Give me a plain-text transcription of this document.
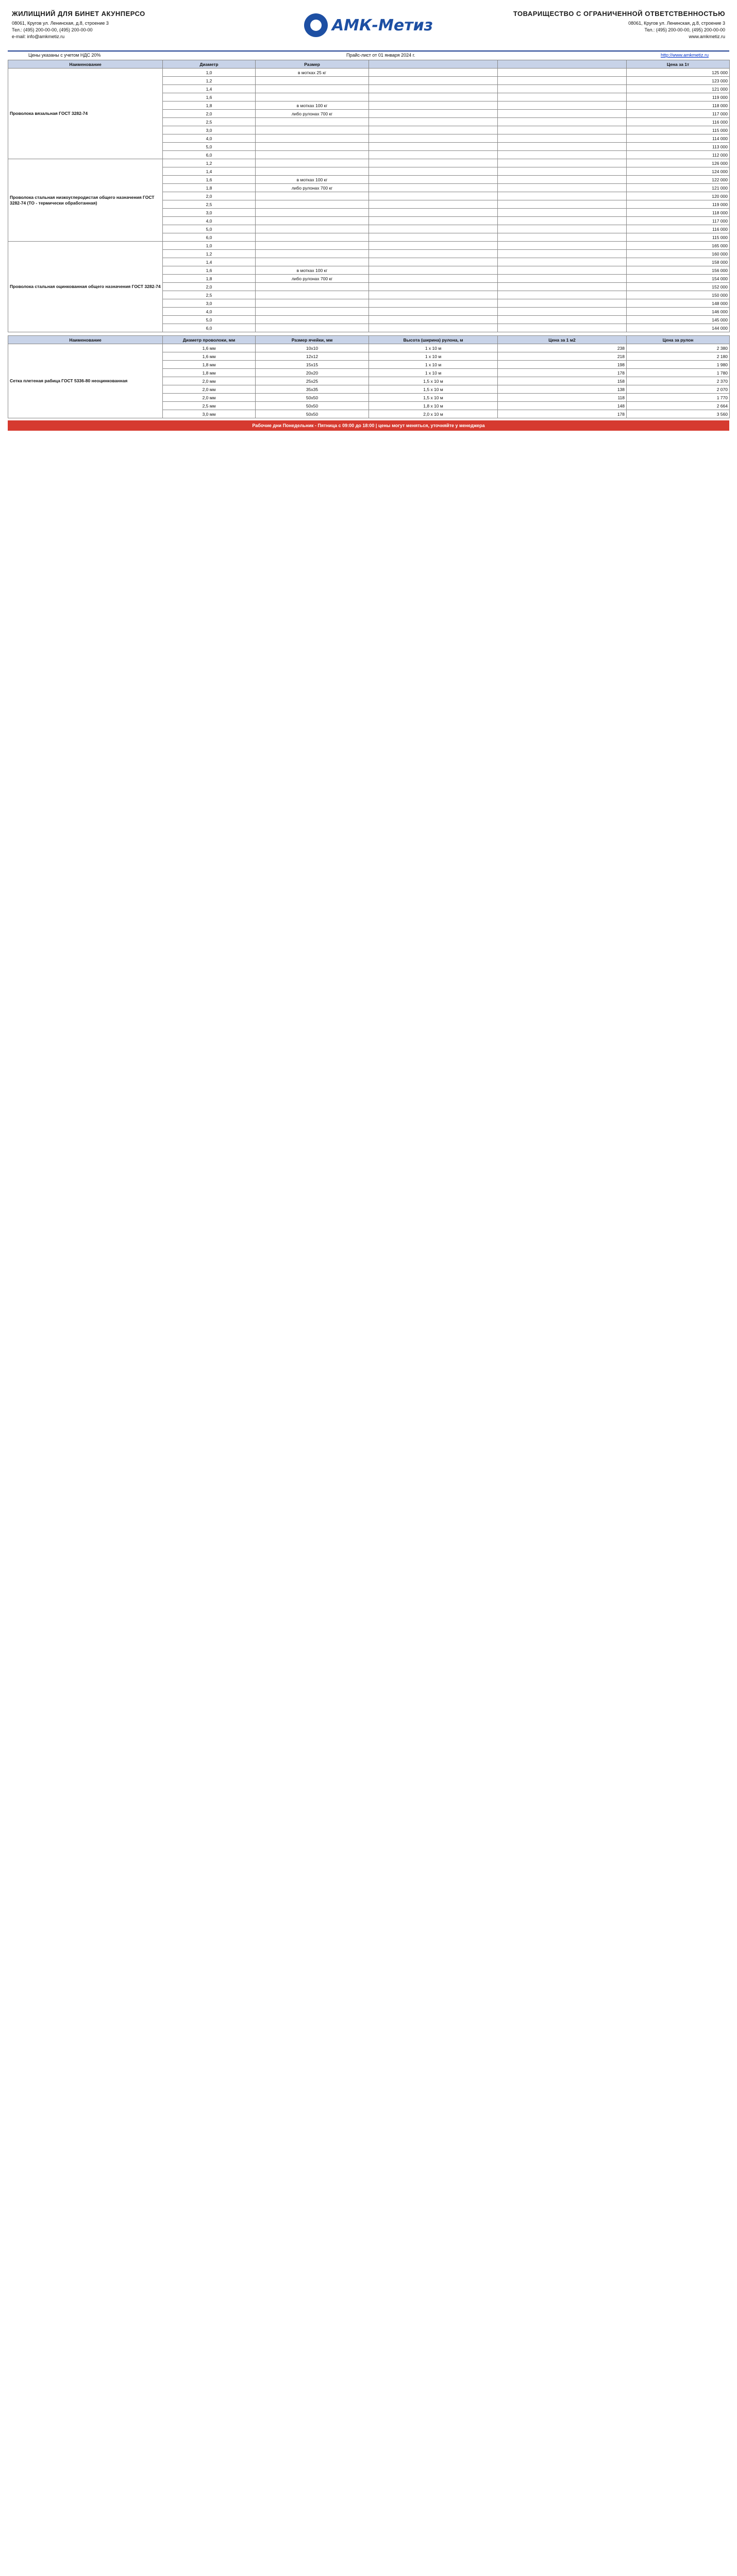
ЖИЛИЩНИЙ ДЛЯ БИНЕТ АКУНПЕРСО
08061, Кругов ул. Ленинская, д.8, строение 3
Тел.: (495) 200-00-00, (495) 200-00-00
e-mail: info@amkmetiz.ru
АМК-Метиз
ТОВАРИЩЕСТВО С ОГРАНИЧЕННОЙ ОТВЕТСТВЕННОСТЬЮ
08061, Кругов ул. Ленинская, д.8, строение 3
Тел.: (495) 200-00-00, (495) 200-00-00
www.amkmetiz.ru
Цены указаны с учетом НДС 20%	Прайс-лист от 01 января 2024 г.	http://www.amkmetiz.ru
Наименование	Диаметр	Размер			Цена за 1т
Проволока вязальная ГОСТ 3282-74	1,0	в мотках 25 кг			125 000
	1,2				123 000
	1,4				121 000
	1,6				119 000
	1,8	в мотках 100 кг			118 000
	2,0	либо рулонах 700 кг			117 000
	2,5				116 000
	3,0				115 000
	4,0				114 000
	5,0				113 000
	6,0				112 000
Проволока стальная низкоуглеродистая общего назначения ГОСТ 3282-74 (ТО - термически обработанная)	1,2				126 000
	1,4				124 000
	1,6	в мотках 100 кг			122 000
	1,8	либо рулонах 700 кг			121 000
	2,0				120 000
	2,5				119 000
	3,0				118 000
	4,0				117 000
	5,0				116 000
	6,0				115 000
Проволока стальная оцинкованная общего назначения ГОСТ 3282-74	1,0				165 000
	1,2				160 000
	1,4				158 000
	1,6	в мотках 100 кг			156 000
	1,8	либо рулонах 700 кг			154 000
	2,0				152 000
	2,5				150 000
	3,0				148 000
	4,0				146 000
	5,0				145 000
	6,0				144 000
Наименование	Диаметр проволоки, мм	Размер ячейки, мм	Высота (ширина) рулона, м	Цена за 1 м2	Цена за рулон
Сетка плетеная рабица ГОСТ 5336-80 неоцинкованная	1,6 мм	10х10	1 х 10 м	238	2 380
	1,6 мм	12х12	1 х 10 м	218	2 180
	1,8 мм	15х15	1 х 10 м	198	1 980
	1,8 мм	20х20	1 х 10 м	178	1 780
	2,0 мм	25х25	1,5 х 10 м	158	2 370
	2,0 мм	35х35	1,5 х 10 м	138	2 070
	2,0 мм	50х50	1,5 х 10 м	118	1 770
	2,5 мм	50х50	1,8 х 10 м	148	2 664
	3,0 мм	50х50	2,0 х 10 м	178	3 560
Рабочие дни Понедельник - Пятница с 09:00 до 18:00 | цены могут меняться, уточняйте у менеджера
